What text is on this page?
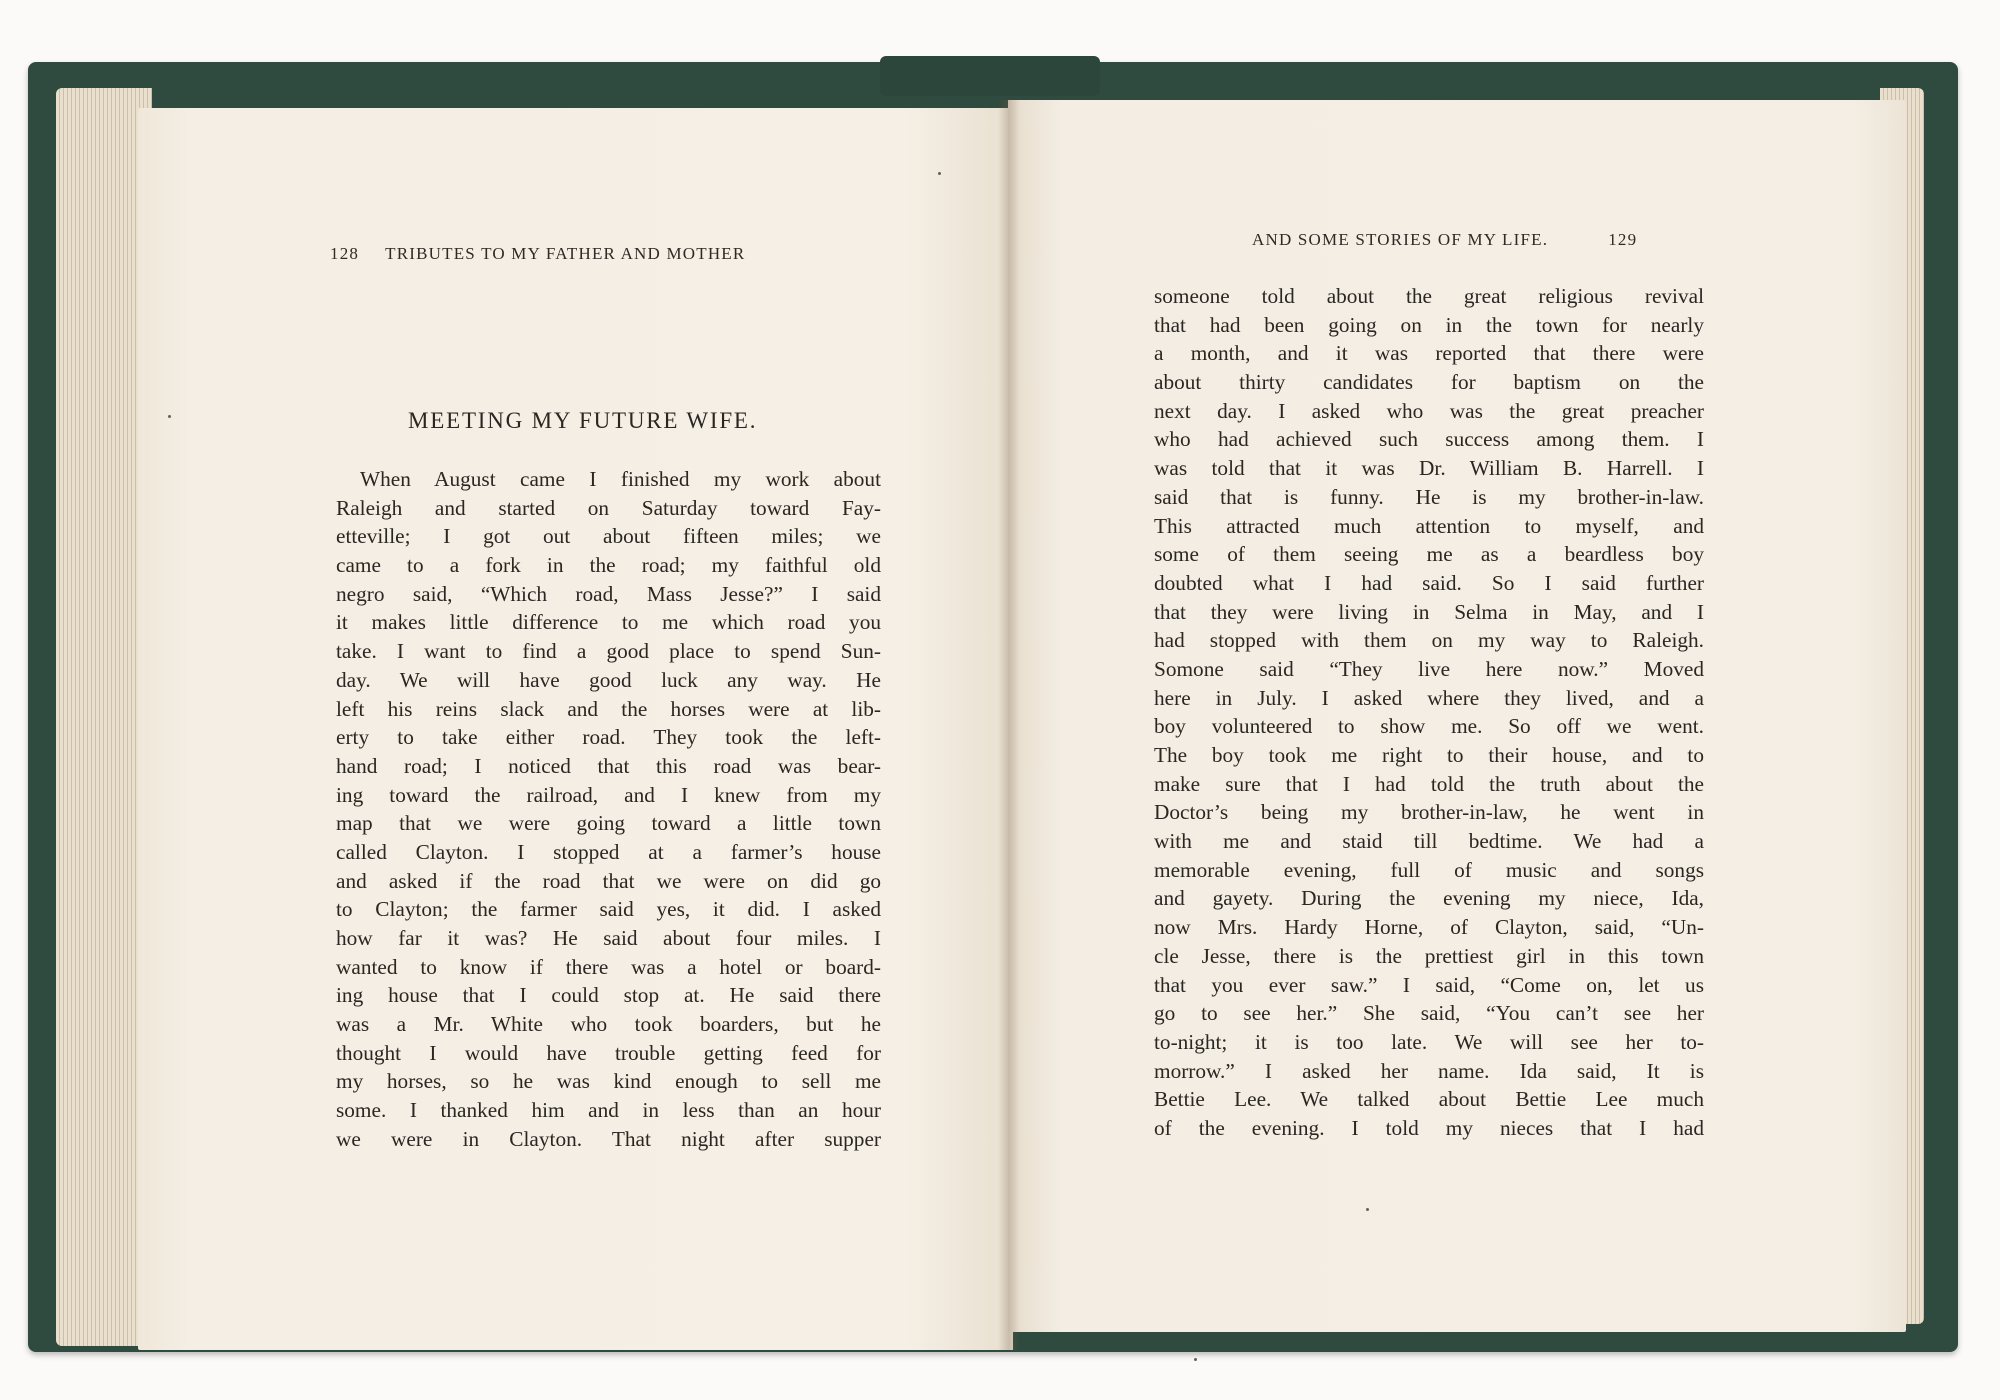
128 TRIBUTES TO MY FATHER AND MOTHER
AND SOME STORIES OF MY LIFE.	129
MEETING MY FUTURE WIFE.
When August came I finished my work about
Raleigh and started on Saturday toward Fay-
etteville; I got out about fifteen miles; we
came to a fork in the road; my faithful old
negro said, “Which road, Mass Jesse?” I said
it makes little difference to me which road you
take. I want to find a good place to spend Sun-
day. We will have good luck any way. He
left his reins slack and the horses were at lib-
erty to take either road. They took the left-
hand road; I noticed that this road was bear-
ing toward the railroad, and I knew from my
map that we were going toward a little town
called Clayton. I stopped at a farmer’s house
and asked if the road that we were on did go
to Clayton; the farmer said yes, it did. I asked
how far it was? He said about four miles. I
wanted to know if there was a hotel or board-
ing house that I could stop at. He said there
was a Mr. White who took boarders, but he
thought I would have trouble getting feed for
my horses, so he was kind enough to sell me
some. I thanked him and in less than an hour
we were in Clayton. That night after supper
someone told about the great religious revival
that had been going on in the town for nearly
a month, and it was reported that there were
about thirty candidates for baptism on the
next day. I asked who was the great preacher
who had achieved such success among them. I
was told that it was Dr. William B. Harrell. I
said that is funny. He is my brother-in-law.
This attracted much attention to myself, and
some of them seeing me as a beardless boy
doubted what I had said. So I said further
that they were living in Selma in May, and I
had stopped with them on my way to Raleigh.
Somone said “They live here now.” Moved
here in July. I asked where they lived, and a
boy volunteered to show me. So off we went.
The boy took me right to their house, and to
make sure that I had told the truth about the
Doctor’s being my brother-in-law, he went in
with me and staid till bedtime. We had a
memorable evening, full of music and songs
and gayety. During the evening my niece, Ida,
now Mrs. Hardy Horne, of Clayton, said, “Un-
cle Jesse, there is the prettiest girl in this town
that you ever saw.” I said, “Come on, let us
go to see her.” She said, “You can’t see her
to-night; it is too late. We will see her to-
morrow.” I asked her name. Ida said, It is
Bettie Lee. We talked about Bettie Lee much
of the evening. I told my nieces that I had
